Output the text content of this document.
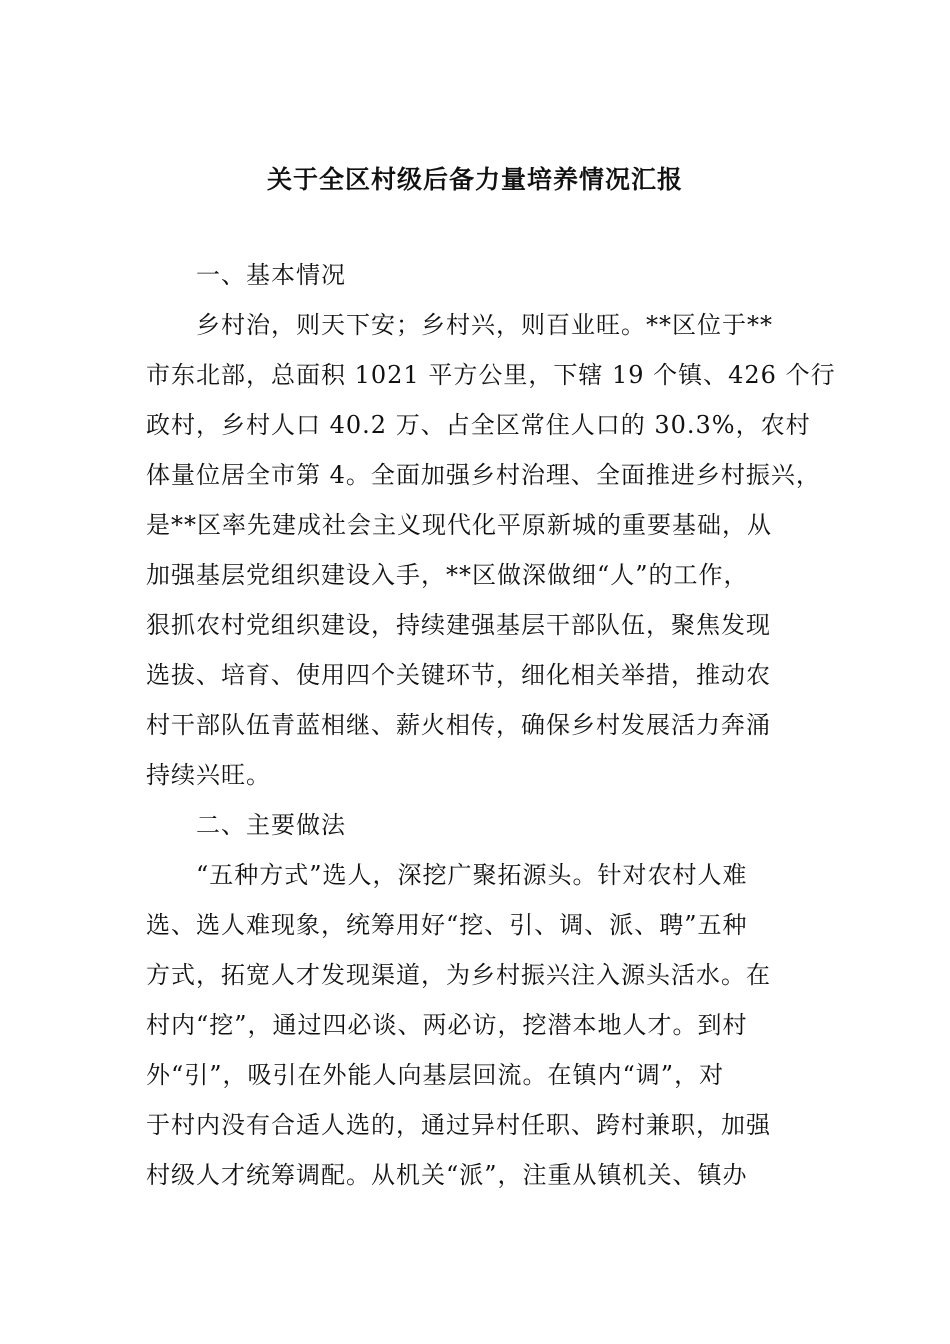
关于全区村级后备力量培养情况汇报
一、基本情况
乡村治，则天下安；乡村兴，则百业旺。**区位于**
市东北部，总面积 1021 平方公里，下辖 19 个镇、426 个行
政村，乡村人口 40.2 万、占全区常住人口的 30.3%，农村
体量位居全市第 4。全面加强乡村治理、全面推进乡村振兴，
是**区率先建成社会主义现代化平原新城的重要基础，从
加强基层党组织建设入手，**区做深做细“人”的工作，
狠抓农村党组织建设，持续建强基层干部队伍，聚焦发现
选拔、培育、使用四个关键环节，细化相关举措，推动农
村干部队伍青蓝相继、薪火相传，确保乡村发展活力奔涌
持续兴旺。
二、主要做法
“五种方式”选人，深挖广聚拓源头。针对农村人难
选、选人难现象，统筹用好“挖、引、调、派、聘”五种
方式，拓宽人才发现渠道，为乡村振兴注入源头活水。在
村内“挖”，通过四必谈、两必访，挖潜本地人才。到村
外“引”，吸引在外能人向基层回流。在镇内“调”，对
于村内没有合适人选的，通过异村任职、跨村兼职，加强
村级人才统筹调配。从机关“派”，注重从镇机关、镇办
